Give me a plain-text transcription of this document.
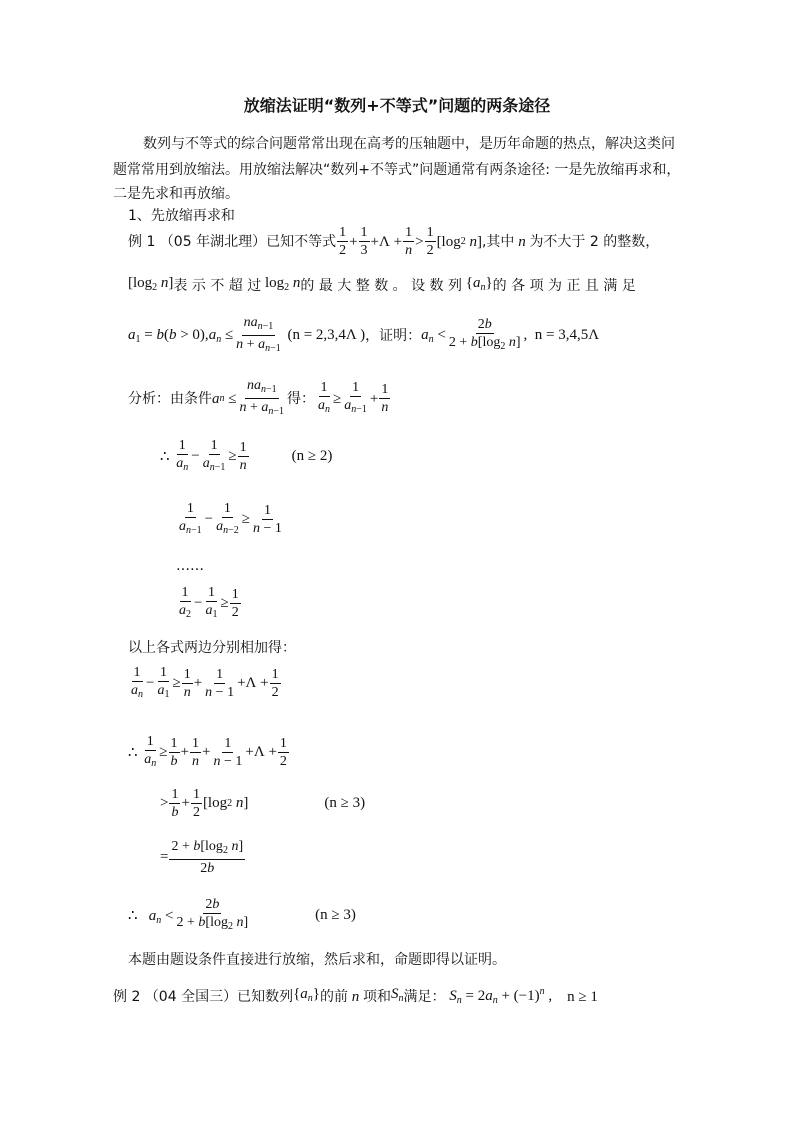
放缩法证明“数列+不等式”问题的两条途径
数列与不等式的综合问题常常出现在高考的压轴题中，是历年命题的热点，解决这类问
题常常用到放缩法。用放缩法解决“数列+不等式”问题通常有两条途径: 一是先放缩再求和，
二是先求和再放缩。
1、先放缩再求和
例 1 （05 年湖北理）已知不等式 $\frac{1}{2} + \frac{1}{3} +\Lambda + \frac{1}{n} > \frac{1}{2} [\log$ 2
n ] ,其中 n 为不大于 2 的整数，
[$\log_2$ n] 表 示 不 超 过 $\log_2 n$ 的 最 大 整 数 。 设 数 列 $\{a_n\}$ 的 各 项 为 正 且 满 足
$a_1 = b(b > 0),a_n \le \frac{na_{n-1}}{n + a_{n-1}}$
(n = 2,3,4Λ ) ，证明： $a_n < \frac{2b}{2 + b[\log_2 n]}$ , n = 3,4,5Λ
分析：由条件 a $n \le \frac{na_{n-1}}{n + a_{n-1}}$ 得： $\frac{1}{a_n} \ge \frac{1}{a_{n-1}} + \frac{1}{n}$
∴ $\frac{1}{a_n} - \frac{1}{a_{n-1}} \ge \frac{1}{n}$	(n ≥ 2)
$\frac{1}{a_{n-1}} - \frac{1}{a_{n-2}} \ge \frac{1}{n - 1}$
……
$\frac{1}{a_2} - \frac{1}{a_1} \ge \frac{1}{2}$
以上各式两边分别相加得：
$\frac{1}{a_n} - \frac{1}{a_1} \ge \frac{1}{n} + \frac{1}{n - 1} +\Lambda + \frac{1}{2}$
∴ $\frac{1}{a_n} \ge \frac{1}{b} + \frac{1}{n} + \frac{1}{n - 1} +\Lambda + \frac{1}{2}$
> $\frac{1}{b} + \frac{1}{2} [\log$ 2
n ]	(n ≥ 3)
= $\frac{2 + b[\log_2 n]}{2b}$
∴   $a_n < \frac{2b}{2 + b[\log_2 n]}$	(n ≥ 3)
本题由题设条件直接进行放缩，然后求和，命题即得以证明。
例 2 （04 全国三）已知数列 $\{a_n\}$ 的前 n 项和 $S_n$ 满足： $S_n = 2a_n + (-1)^n$ , n ≥ 1
